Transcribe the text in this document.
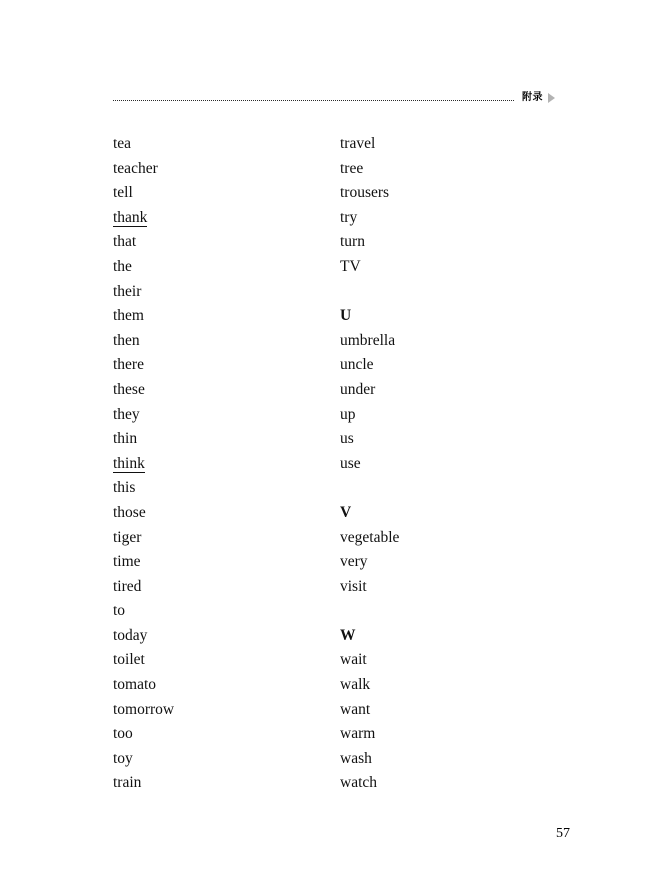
附录
tea
teacher
tell
thank
that
the
their
them
then
there
these
they
thin
think
this
those
tiger
time
tired
to
today
toilet
tomato
tomorrow
too
toy
train
travel
tree
trousers
try
turn
TV
U
umbrella
uncle
under
up
us
use
V
vegetable
very
visit
W
wait
walk
want
warm
wash
watch
57
